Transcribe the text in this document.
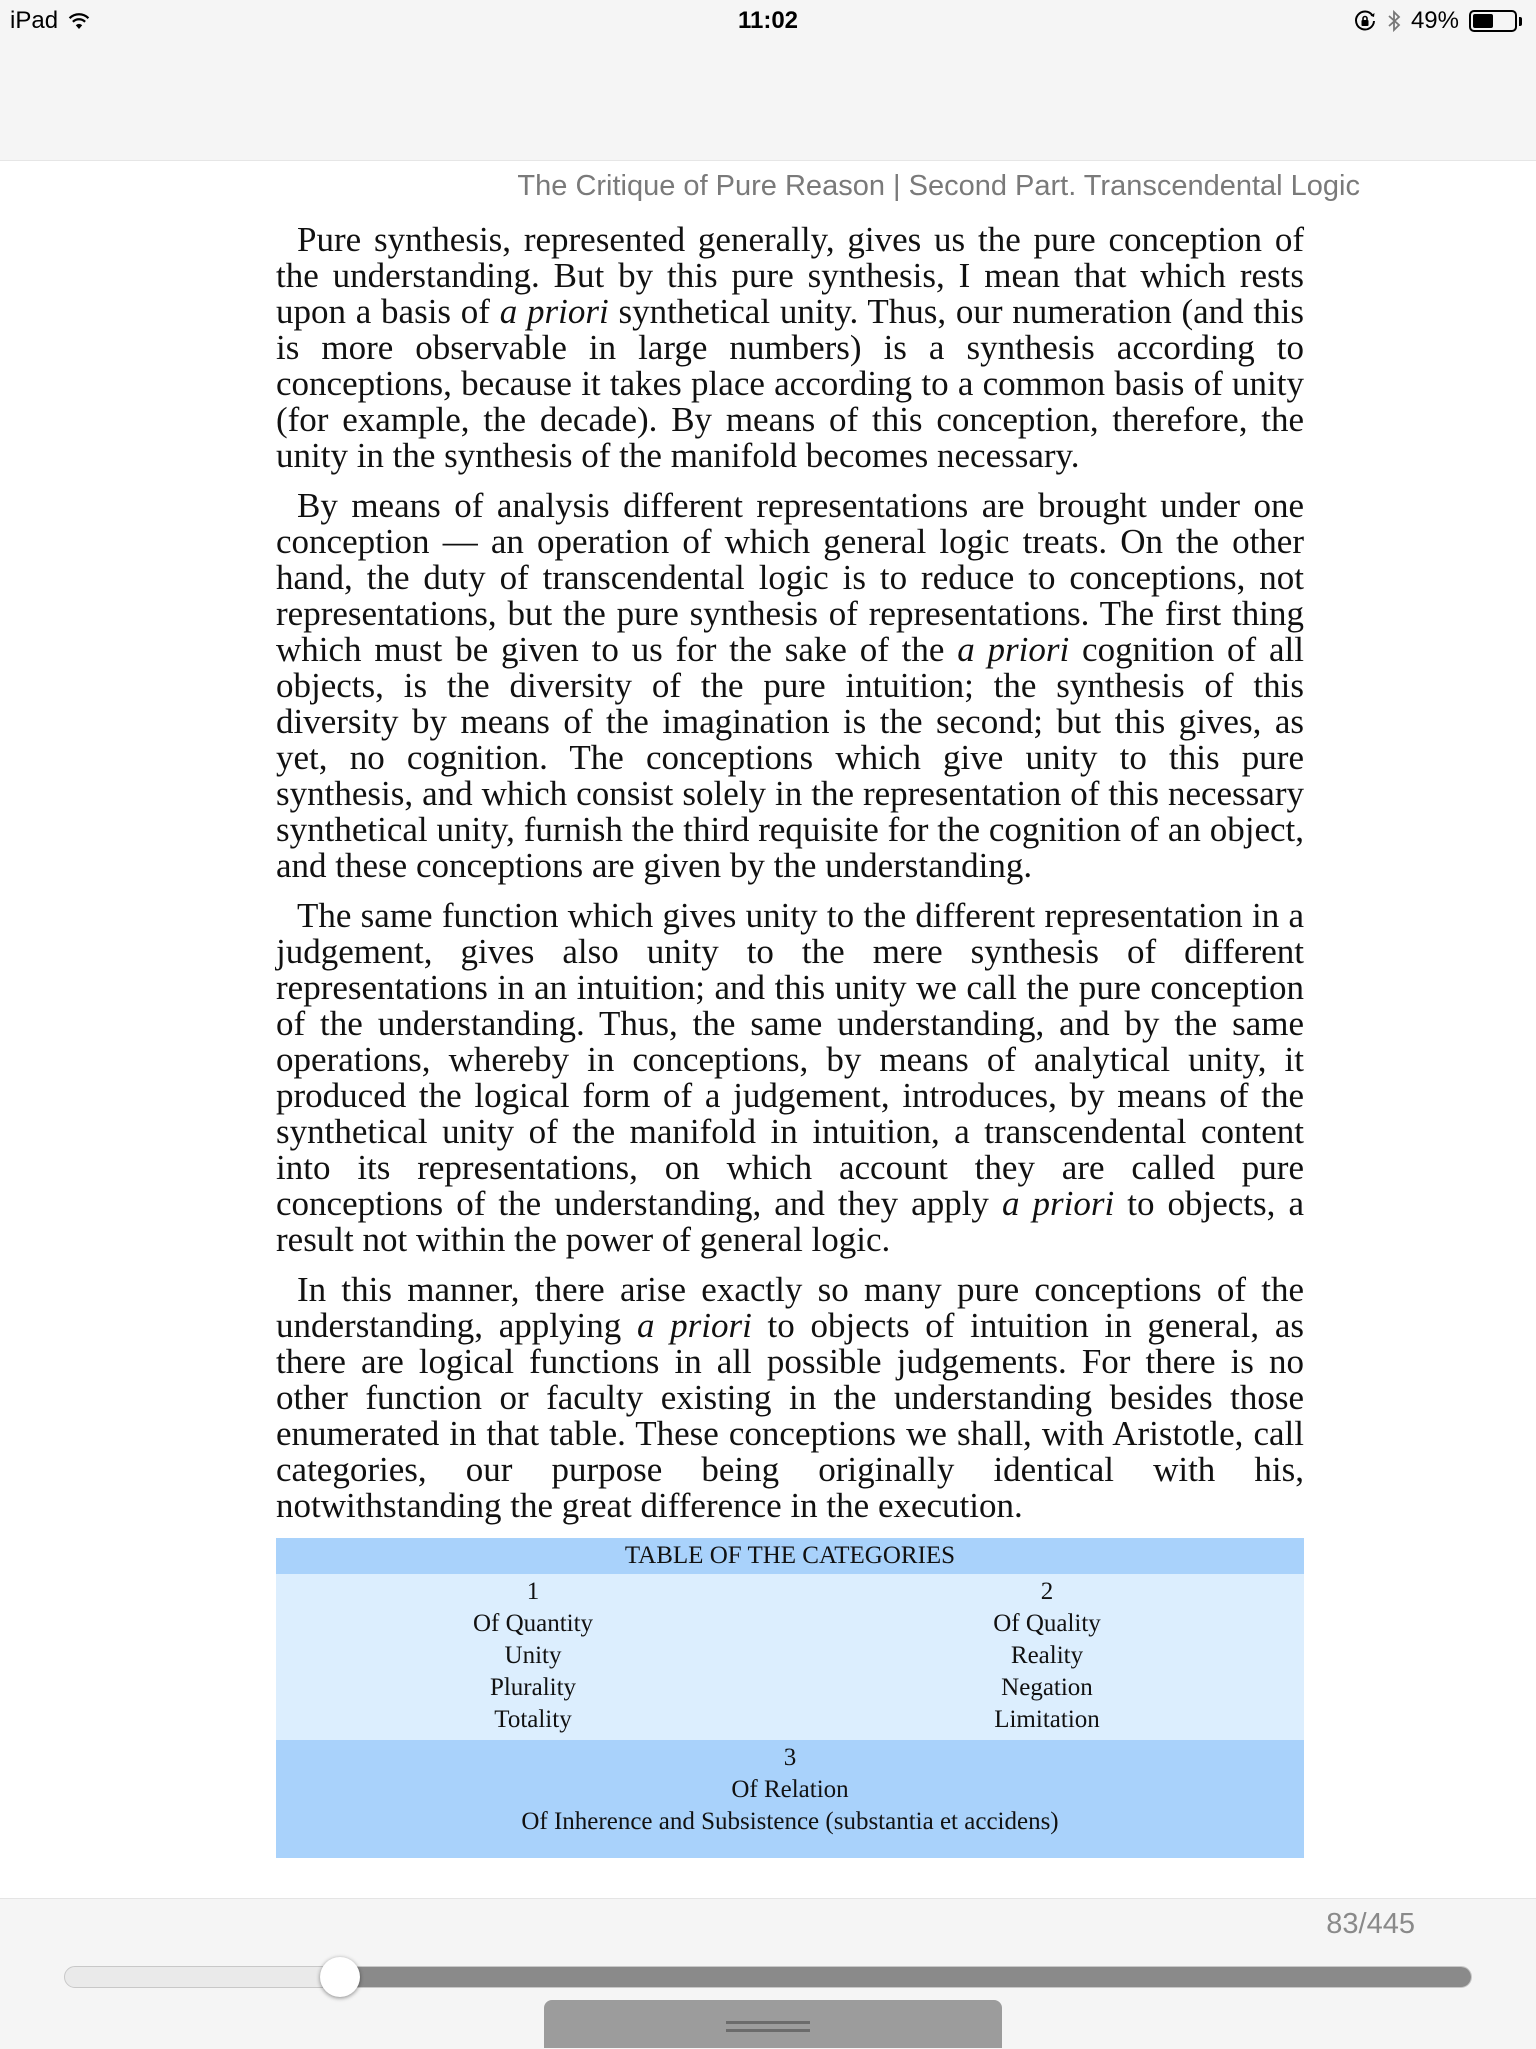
iPad	11:02	49%
The Critique of Pure Reason | Second Part. Transcendental Logic

Pure synthesis, represented generally, gives us the pure conception of the understanding. But by this pure synthesis, I mean that which rests upon a basis of a priori synthetical unity. Thus, our numeration (and this is more observable in large numbers) is a synthesis according to conceptions, because it takes place according to a common basis of unity (for example, the decade). By means of this conception, therefore, the unity in the synthesis of the manifold becomes necessary.

By means of analysis different representations are brought under one conception — an operation of which general logic treats. On the other hand, the duty of transcendental logic is to reduce to conceptions, not representations, but the pure synthesis of representations. The first thing which must be given to us for the sake of the a priori cognition of all objects, is the diversity of the pure intuition; the synthesis of this diversity by means of the imagination is the second; but this gives, as yet, no cognition. The conceptions which give unity to this pure synthesis, and which consist solely in the representation of this necessary synthetical unity, furnish the third requisite for the cognition of an object, and these conceptions are given by the understanding.

The same function which gives unity to the different representation in a judgement, gives also unity to the mere synthesis of different representations in an intuition; and this unity we call the pure conception of the understanding. Thus, the same understanding, and by the same operations, whereby in conceptions, by means of analytical unity, it produced the logical form of a judgement, introduces, by means of the synthetical unity of the manifold in intuition, a transcendental content into its representations, on which account they are called pure conceptions of the understanding, and they apply a priori to objects, a result not within the power of general logic.

In this manner, there arise exactly so many pure conceptions of the understanding, applying a priori to objects of intuition in general, as there are logical functions in all possible judgements. For there is no other function or faculty existing in the understanding besides those enumerated in that table. These conceptions we shall, with Aristotle, call categories, our purpose being originally identical with his, notwithstanding the great difference in the execution.

TABLE OF THE CATEGORIES
1
Of Quantity
Unity
Plurality
Totality
2
Of Quality
Reality
Negation
Limitation
3
Of Relation
Of Inherence and Subsistence (substantia et accidens)
83/445
